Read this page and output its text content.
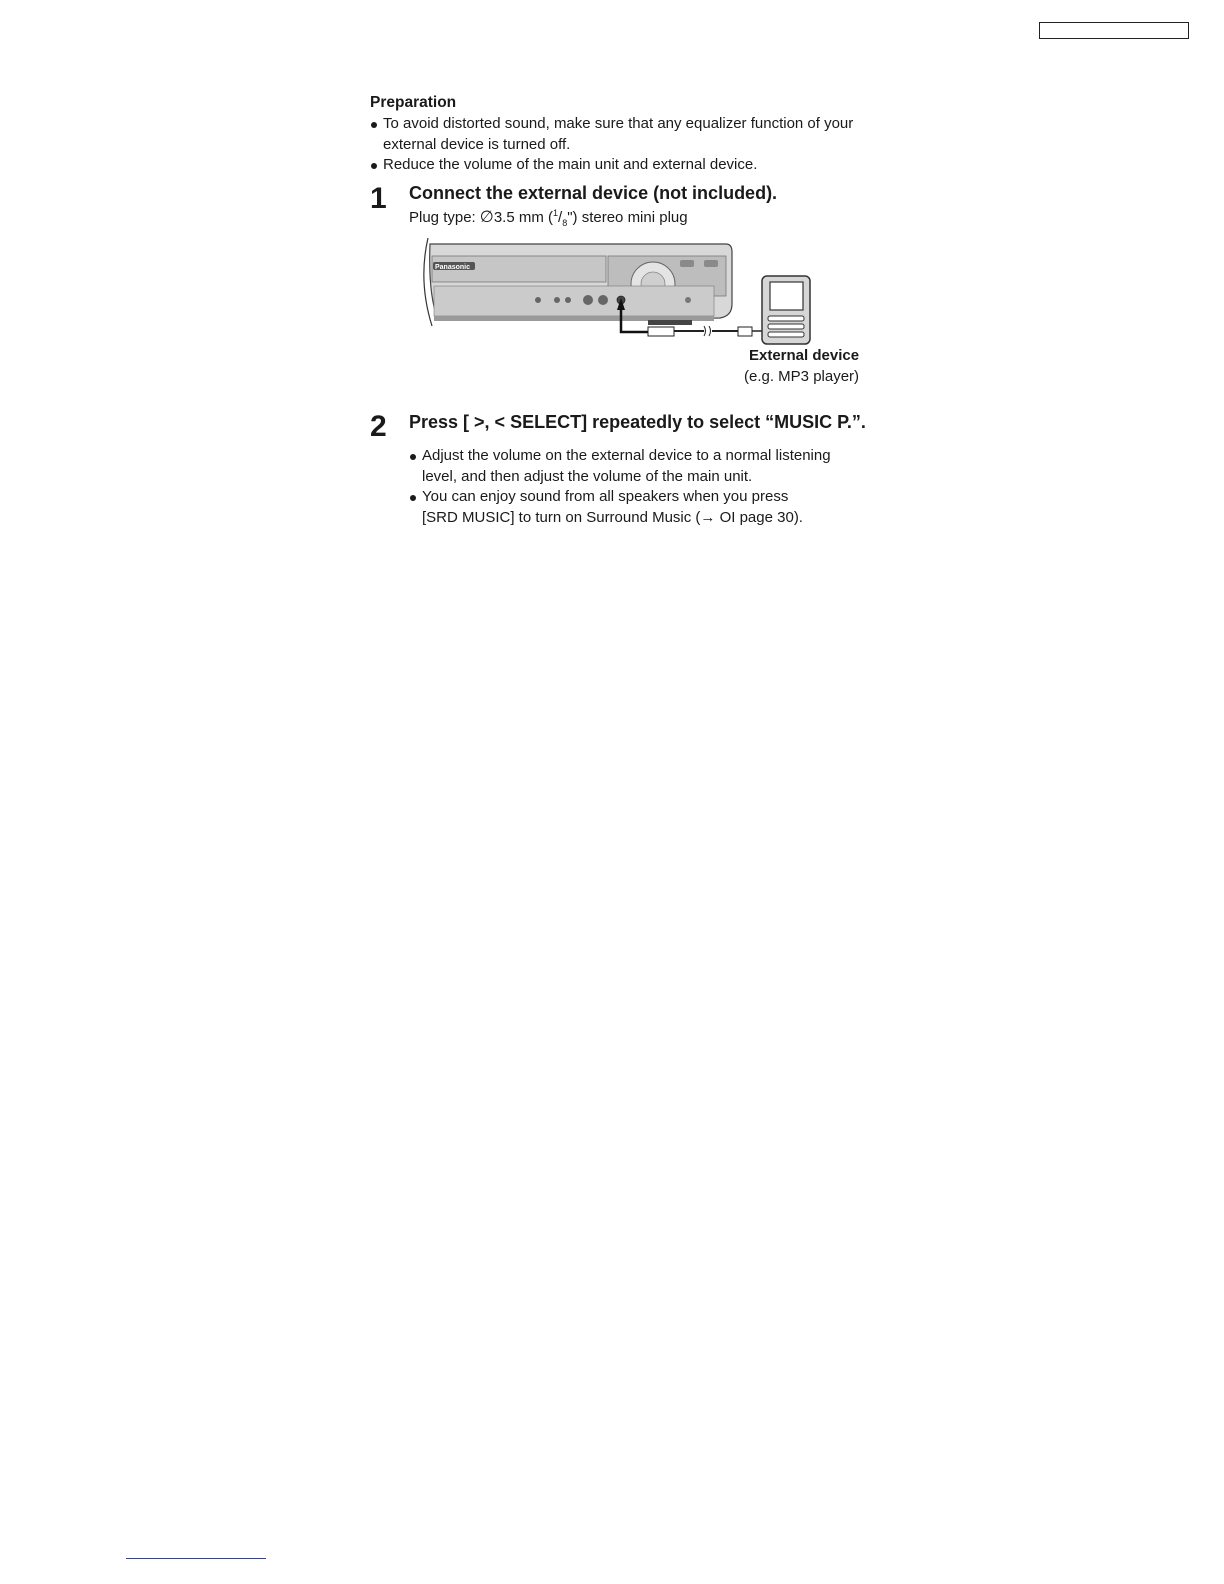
Preparation
To avoid distorted sound, make sure that any equalizer function of your
external device is turned off.
Reduce the volume of the main unit and external device.
1 Connect the external device (not included).
Plug type: ∅3.5 mm $(^1/_8")$ stereo mini plug
Panasonic
External device
(e.g. MP3 player)
2 Press [ >, < SELECT] repeatedly to select “MUSIC P.”.
Adjust the volume on the external device to a normal listening
level, and then adjust the volume of the main unit.
You can enjoy sound from all speakers when you press
[SRD MUSIC] to turn on Surround Music (→ OI page 30).
